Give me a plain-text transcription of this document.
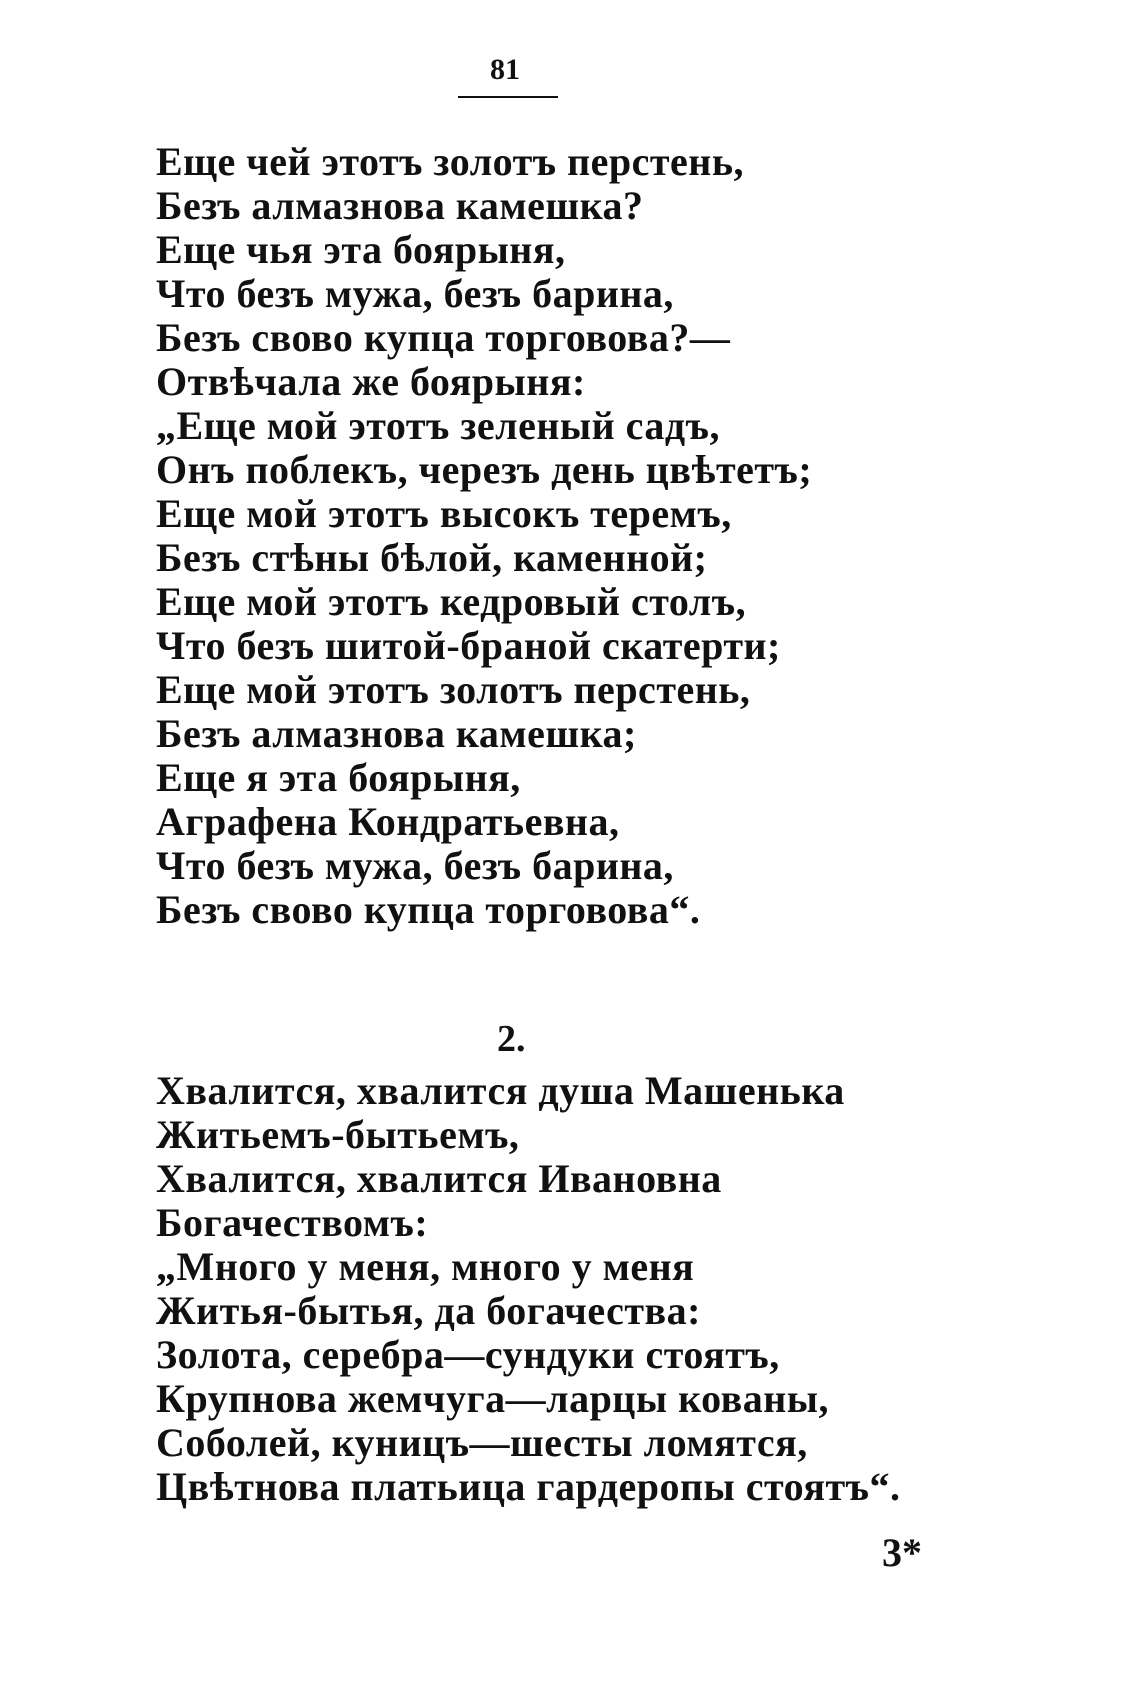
81
Еще чей этотъ золотъ перстень,
Безъ алмазнова камешка?
Еще чья эта боярыня,
Что безъ мужа, безъ барина,
Безъ свово купца торговова?—
Отвѣчала же боярыня:
„Еще мой этотъ зеленый садъ,
Онъ поблекъ, черезъ день цвѣтетъ;
Еще мой этотъ высокъ теремъ,
Безъ стѣны бѣлой, каменной;
Еще мой этотъ кедровый столъ,
Что безъ шитой-браной скатерти;
Еще мой этотъ золотъ перстень,
Безъ алмазнова камешка;
Еще я эта боярыня,
Аграфена Кондратьевна,
Что безъ мужа, безъ барина,
Безъ свово купца торговова“.
2.
Хвалится, хвалится душа Машенька
Житьемъ-бытьемъ,
Хвалится, хвалится Ивановна
Богачествомъ:
„Много у меня, много у меня
Житья-бытья, да богачества:
Золота, серебра—сундуки стоятъ,
Крупнова жемчуга—ларцы кованы,
Соболей, куницъ—шесты ломятся,
Цвѣтнова платьица гардеропы стоятъ“.
3*
